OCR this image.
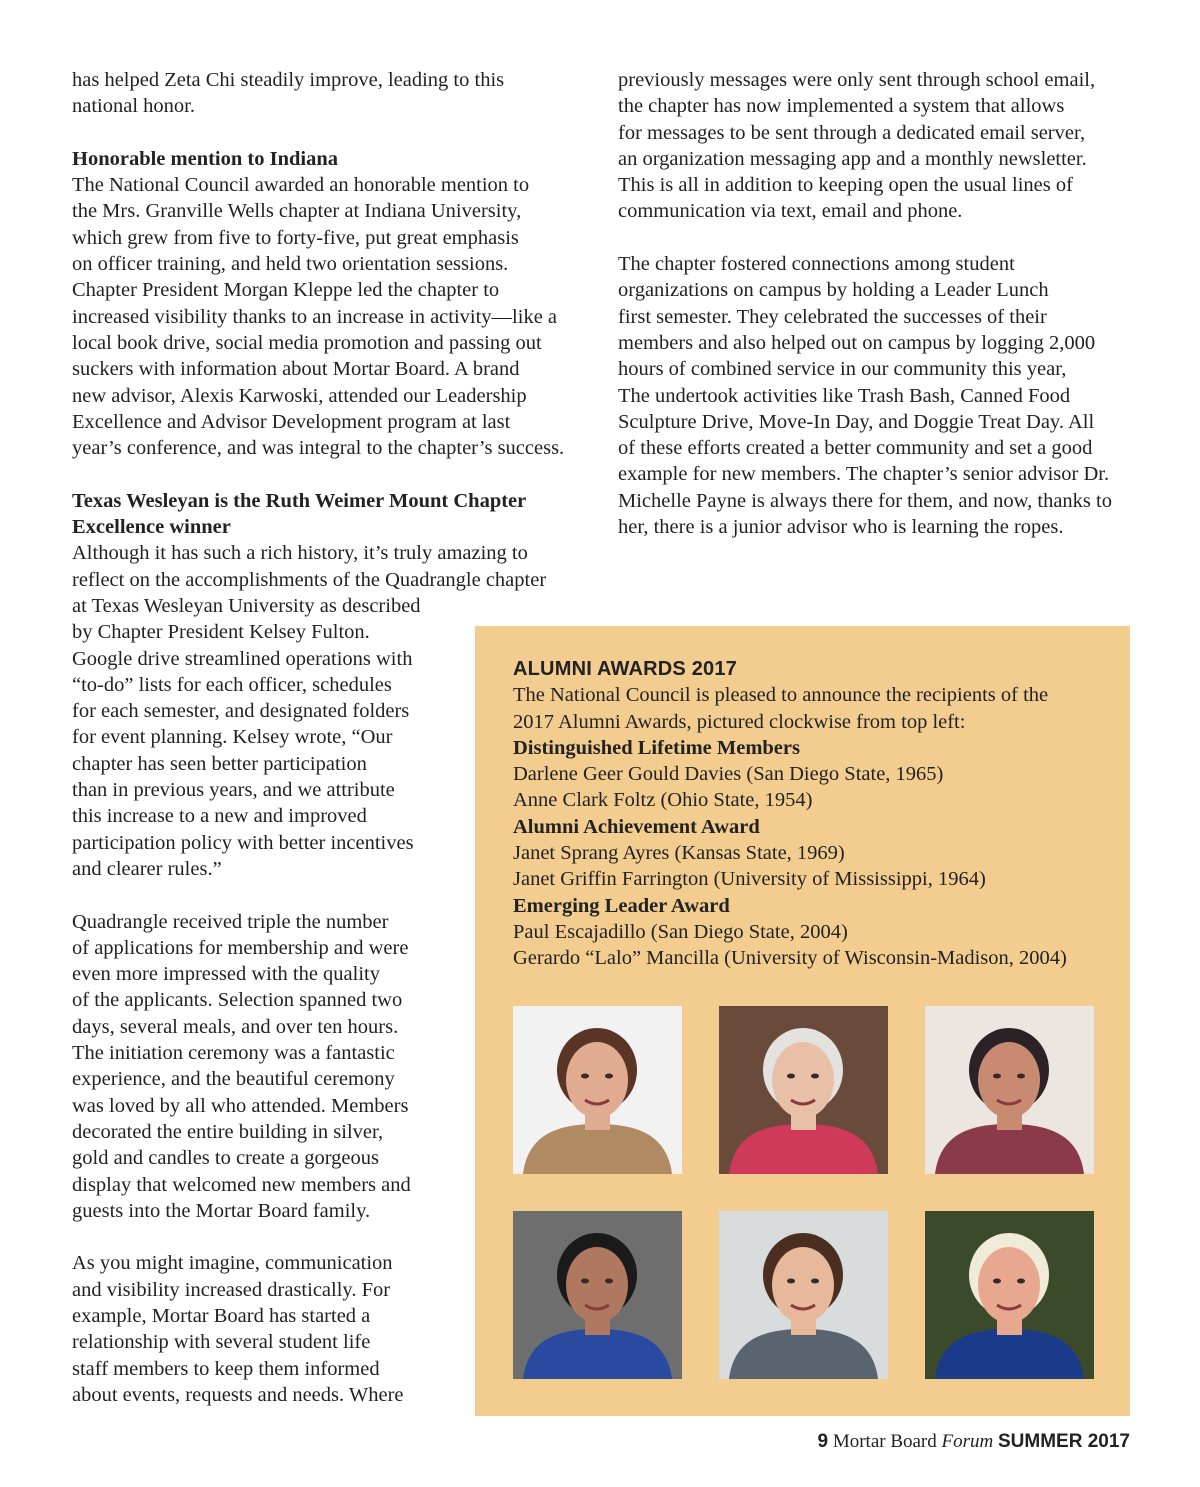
has helped Zeta Chi steadily improve, leading to this

national honor.

Honorable mention to Indiana

The National Council awarded an honorable mention to

the Mrs. Granville Wells chapter at Indiana University,

which grew from five to forty-five, put great emphasis

on officer training, and held two orientation sessions.

Chapter President Morgan Kleppe led the chapter to

increased visibility thanks to an increase in activity—like a

local book drive, social media promotion and passing out

suckers with information about Mortar Board. A brand

new advisor, Alexis Karwoski, attended our Leadership

Excellence and Advisor Development program at last

year’s conference, and was integral to the chapter’s success.

Texas Wesleyan is the Ruth Weimer Mount Chapter
Excellence winner

Although it has such a rich history, it’s truly amazing to

reflect on the accomplishments of the Quadrangle chapter

at Texas Wesleyan University as described

by Chapter President Kelsey Fulton.

Google drive streamlined operations with

“to-do” lists for each officer, schedules

for each semester, and designated folders

for event planning. Kelsey wrote, “Our

chapter has seen better participation

than in previous years, and we attribute

this increase to a new and improved

participation policy with better incentives

and clearer rules.”

Quadrangle received triple the number

of applications for membership and were

even more impressed with the quality

of the applicants. Selection spanned two

days, several meals, and over ten hours.

The initiation ceremony was a fantastic

experience, and the beautiful ceremony

was loved by all who attended. Members

decorated the entire building in silver,

gold and candles to create a gorgeous

display that welcomed new members and

guests into the Mortar Board family.

As you might imagine, communication

and visibility increased drastically. For

example, Mortar Board has started a

relationship with several student life

staff members to keep them informed

about events, requests and needs. Where

previously messages were only sent through school email,

the chapter has now implemented a system that allows

for messages to be sent through a dedicated email server,

an organization messaging app and a monthly newsletter.

This is all in addition to keeping open the usual lines of

communication via text, email and phone.

The chapter fostered connections among student

organizations on campus by holding a Leader Lunch

first semester. They celebrated the successes of their

members and also helped out on campus by logging 2,000

hours of combined service in our community this year,

The undertook activities like Trash Bash, Canned Food

Sculpture Drive, Move-In Day, and Doggie Treat Day. All

of these efforts created a better community and set a good

example for new members. The chapter’s senior advisor Dr.

Michelle Payne is always there for them, and now, thanks to

her, there is a junior advisor who is learning the ropes.

ALUMNI AWARDS 2017

The National Council is pleased to announce the recipients of the

2017 Alumni Awards, pictured clockwise from top left:

Distinguished Lifetime Members

Darlene Geer Gould Davies (San Diego State, 1965)

Anne Clark Foltz (Ohio State, 1954)

Alumni Achievement Award

Janet Sprang Ayres (Kansas State, 1969)

Janet Griffin Farrington (University of Mississippi, 1964)

Emerging Leader Award

Paul Escajadillo (San Diego State, 2004)

Gerardo “Lalo” Mancilla (University of Wisconsin-Madison, 2004)

9 Mortar Board Forum SUMMER 2017
